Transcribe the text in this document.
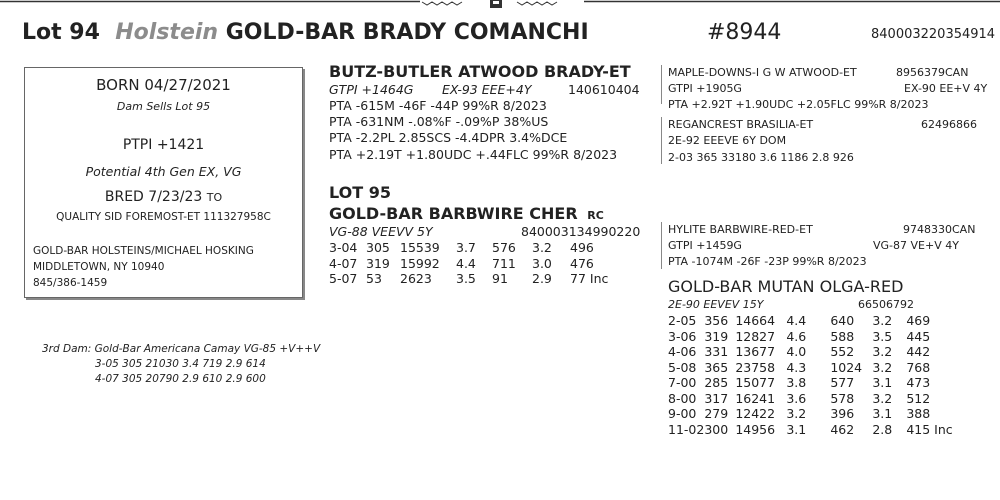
Lot 94 Holstein GOLD-BAR BRADY COMANCHI	#8944	840003220354914
BORN 04/27/2021
Dam Sells Lot 95
PTPI +1421
Potential 4th Gen EX, VG
BRED 7/23/23 TO
QUALITY SID FOREMOST-ET 111327958C
GOLD-BAR HOLSTEINS/MICHAEL HOSKING
MIDDLETOWN, NY 10940
845/386-1459
3rd Dam: Gold-Bar Americana Camay VG-85 +V++V
3-05 305 21030 3.4 719 2.9 614
4-07 305 20790 2.9 610 2.9 600
BUTZ-BUTLER ATWOOD BRADY-ET
GTPI +1464G EX-93 EEE+4Y	140610404
PTA -615M -46F -44P 99%R 8/2023
PTA -631NM -.08%F -.09%P 38%US
PTA -2.2PL 2.85SCS -4.4DPR 3.4%DCE
PTA +2.19T +1.80UDC +.44FLC 99%R 8/2023
LOT 95
GOLD-BAR BARBWIRE CHER RC
VG-88 VEEVV 5Y	840003134990220
3-04	305	15539	3.7	576	3.2	496
4-07	319	15992	4.4	711	3.0	476
5-07	53	2623	3.5	91	2.9	77 Inc
MAPLE-DOWNS-I G W ATWOOD-ET	8956379CAN
GTPI +1905G	EX-90 EE+V 4Y
PTA +2.92T +1.90UDC +2.05FLC 99%R 8/2023
REGANCREST BRASILIA-ET	62496866
2E-92 EEEVE 6Y DOM
2-03 365 33180 3.6 1186 2.8 926
HYLITE BARBWIRE-RED-ET	9748330CAN
GTPI +1459G	VG-87 VE+V 4Y
PTA -1074M -26F -23P 99%R 8/2023
GOLD-BAR MUTAN OLGA-RED
2E-90 EEVEV 15Y	66506792
2-05	356	14664	4.4	640	3.2	469
3-06	319	12827	4.6	588	3.5	445
4-06	331	13677	4.0	552	3.2	442
5-08	365	23758	4.3	1024	3.2	768
7-00	285	15077	3.8	577	3.1	473
8-00	317	16241	3.6	578	3.2	512
9-00	279	12422	3.2	396	3.1	388
11-02	300	14956	3.1	462	2.8	415 Inc
